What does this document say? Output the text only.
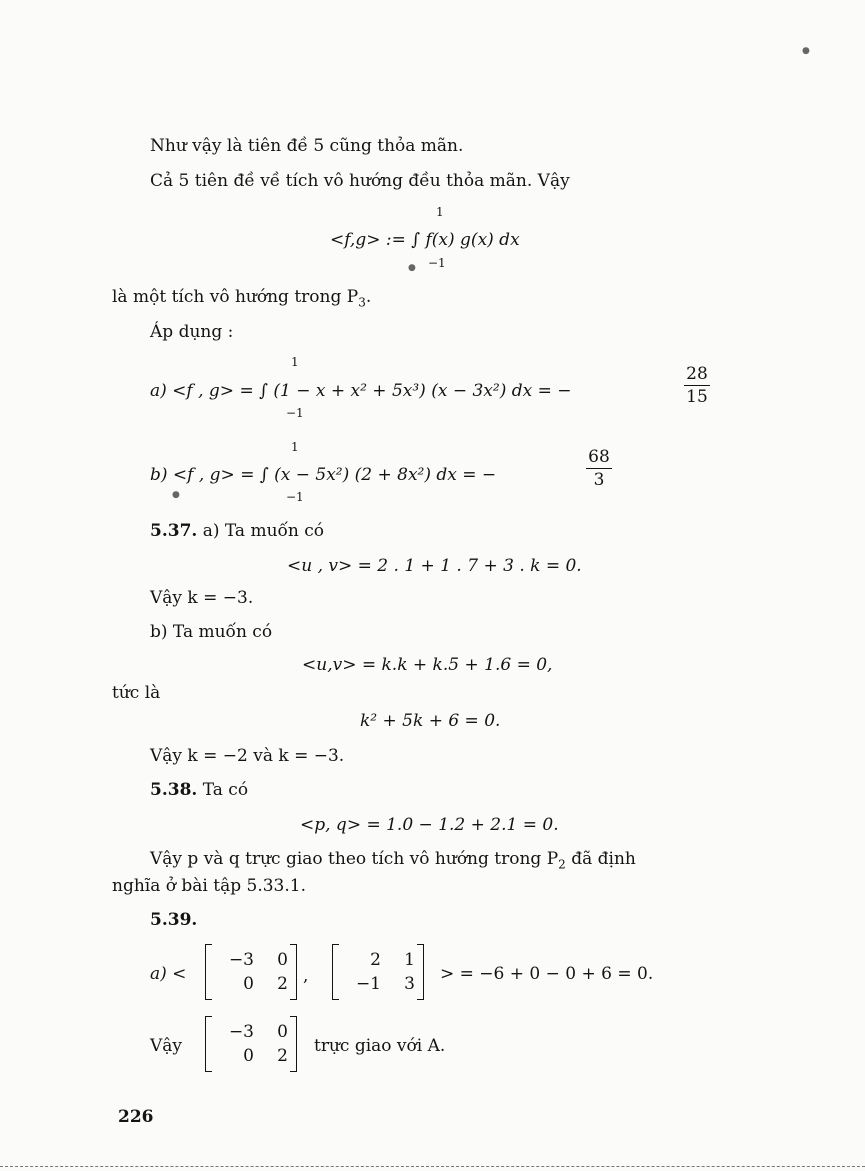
Như vậy là tiên đề 5 cũng thỏa mãn.
Cả 5 tiên đề về tích vô hướng đều thỏa mãn. Vậy
1
<f,g> := ∫ f(x) g(x) dx
−1
là một tích vô hướng trong $P_3$.
Áp dụng :
1
a) <f , g> = ∫ (1 − x + x² + 5x³) (x − 3x²) dx = −
28
15
−1
1
b) <f , g> = ∫ (x − 5x²) (2 + 8x²) dx = −
68
3
−1
5.37. a) Ta muốn có
<u , v> = 2 . 1 + 1 . 7 + 3 . k = 0.
Vậy k = −3.
b) Ta muốn có
<u,v> = k.k + k.5 + 1.6 = 0,
tức là
k² + 5k + 6 = 0.
Vậy k = −2 và k = −3.
5.38. Ta có
<p, q> = 1.0 − 1.2 + 2.1 = 0.
Vậy p và q trực giao theo tích vô hướng trong $P_2$ đã định
nghĩa ở bài tập 5.33.1.
5.39.
a) <
−3	0
0	2 ,
2	1
−1	3 > = −6 + 0 − 0 + 6 = 0.
Vậy
−3	0
0	2 trực giao với A.
226
●
●
●
